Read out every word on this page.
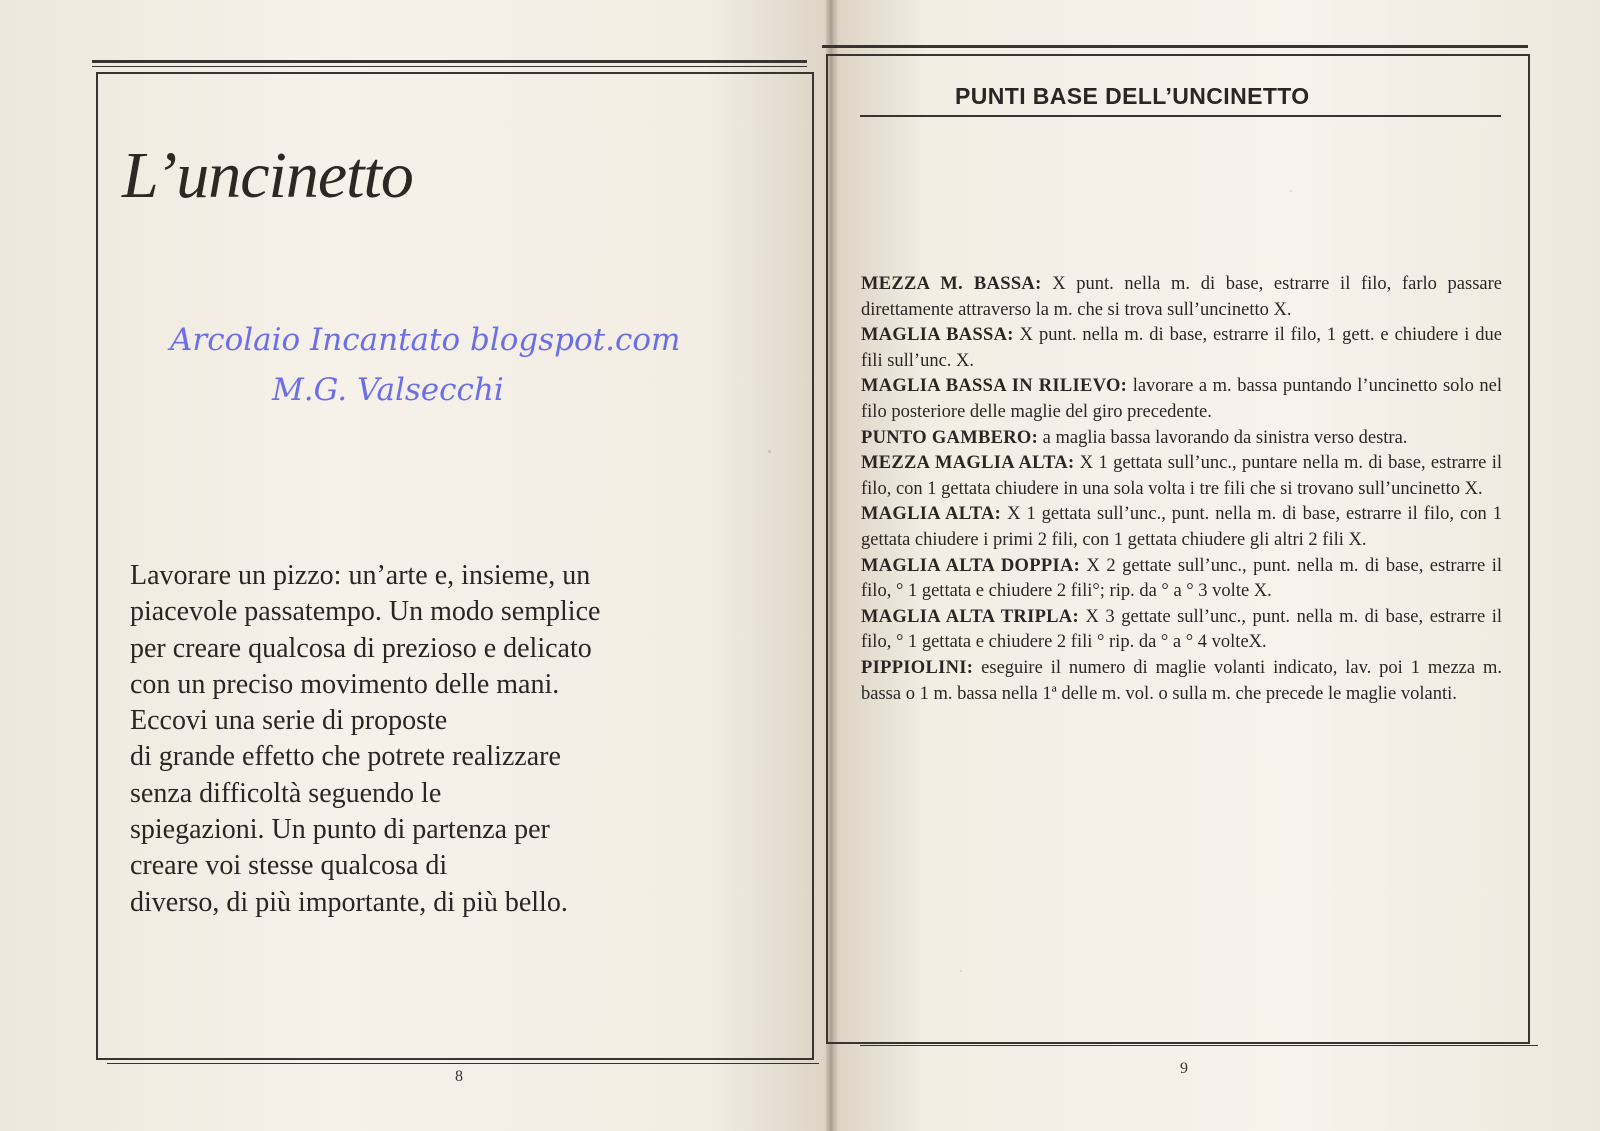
L’uncinetto
Arcolaio Incantato blogspot.com
M.G. Valsecchi
Lavorare un pizzo: un’arte e, insieme, un
piacevole passatempo. Un modo semplice
per creare qualcosa di prezioso e delicato
con un preciso movimento delle mani.
Eccovi una serie di proposte
di grande effetto che potrete realizzare
senza difficoltà seguendo le
spiegazioni. Un punto di partenza per
creare voi stesse qualcosa di
diverso, di più importante, di più bello.
8
PUNTI BASE DELL’UNCINETTO
MEZZA M. BASSA: X punt. nella m. di base, estrarre il filo, farlo passare direttamente attraverso la m. che si trova sull’uncinetto X.
MAGLIA BASSA: X punt. nella m. di base, estrarre il filo, 1 gett. e chiudere i due fili sull’unc. X.
MAGLIA BASSA IN RILIEVO: lavorare a m. bassa puntando l’uncinetto solo nel filo posteriore delle maglie del giro precedente.
PUNTO GAMBERO: a maglia bassa lavorando da sinistra verso destra.
MEZZA MAGLIA ALTA: X 1 gettata sull’unc., puntare nella m. di base, estrarre il filo, con 1 gettata chiudere in una sola volta i tre fili che si trovano sull’uncinetto X.
MAGLIA ALTA: X 1 gettata sull’unc., punt. nella m. di base, estrarre il filo, con 1 gettata chiudere i primi 2 fili, con 1 gettata chiudere gli altri 2 fili X.
MAGLIA ALTA DOPPIA: X 2 gettate sull’unc., punt. nella m. di base, estrarre il filo, ° 1 gettata e chiudere 2 fili°; rip. da ° a ° 3 volte X.
MAGLIA ALTA TRIPLA: X 3 gettate sull’unc., punt. nella m. di base, estrarre il filo, ° 1 gettata e chiudere 2 fili ° rip. da ° a ° 4 volteX.
PIPPIOLINI: eseguire il numero di maglie volanti indicato, lav. poi 1 mezza m. bassa o 1 m. bassa nella 1ª delle m. vol. o sulla m. che precede le maglie volanti.
9
